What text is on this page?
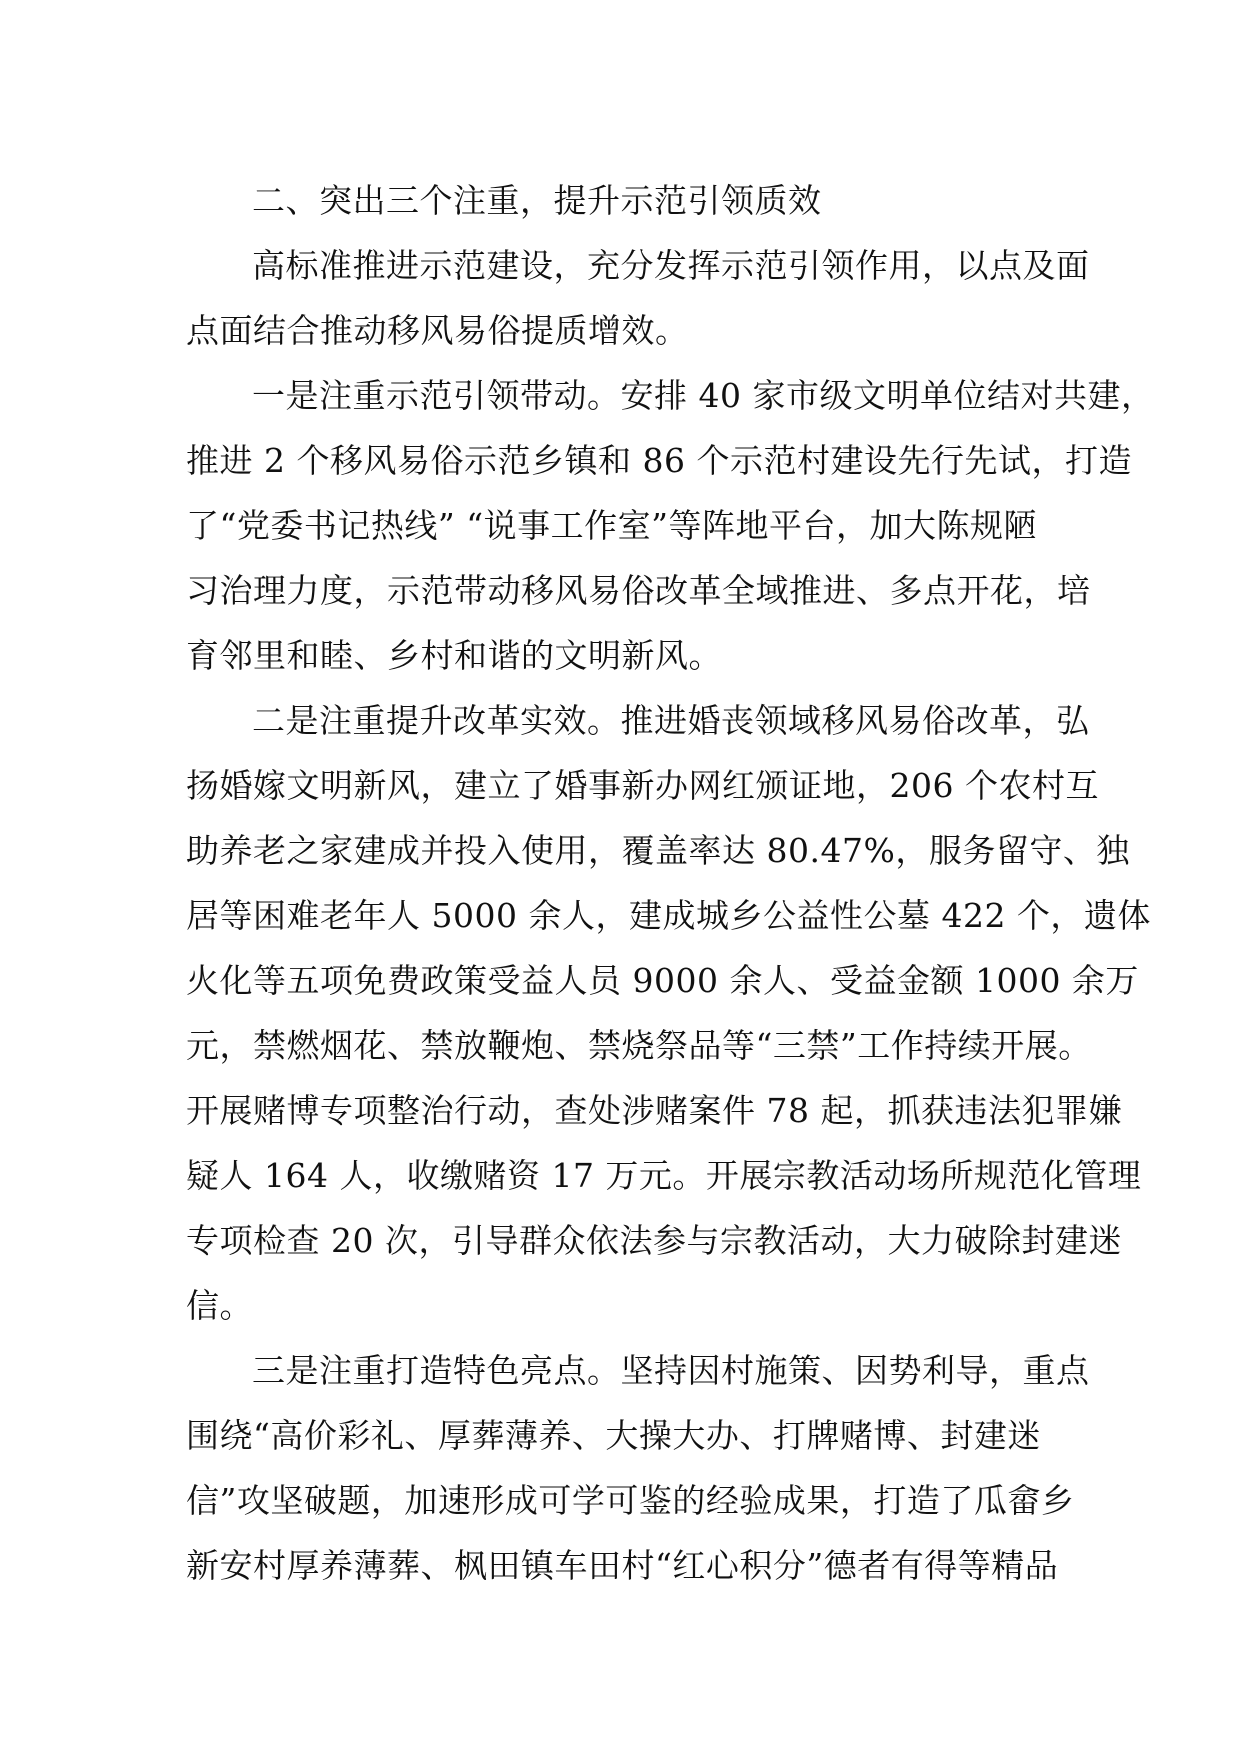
二、突出三个注重，提升示范引领质效
高标准推进示范建设，充分发挥示范引领作用，以点及面
点面结合推动移风易俗提质增效。
一是注重示范引领带动。安排 40 家市级文明单位结对共建，
推进 2 个移风易俗示范乡镇和 86 个示范村建设先行先试，打造
了“党委书记热线” “说事工作室”等阵地平台，加大陈规陋
习治理力度，示范带动移风易俗改革全域推进、多点开花，培
育邻里和睦、乡村和谐的文明新风。
二是注重提升改革实效。推进婚丧领域移风易俗改革，弘
扬婚嫁文明新风，建立了婚事新办网红颁证地，206 个农村互
助养老之家建成并投入使用，覆盖率达 80.47%，服务留守、独
居等困难老年人 5000 余人，建成城乡公益性公墓 422 个，遗体
火化等五项免费政策受益人员 9000 余人、受益金额 1000 余万
元，禁燃烟花、禁放鞭炮、禁烧祭品等“三禁”工作持续开展。
开展赌博专项整治行动，查处涉赌案件 78 起，抓获违法犯罪嫌
疑人 164 人，收缴赌资 17 万元。开展宗教活动场所规范化管理
专项检查 20 次，引导群众依法参与宗教活动，大力破除封建迷
信。
三是注重打造特色亮点。坚持因村施策、因势利导，重点
围绕“高价彩礼、厚葬薄养、大操大办、打牌赌博、封建迷
信”攻坚破题，加速形成可学可鉴的经验成果，打造了瓜畲乡
新安村厚养薄葬、枫田镇车田村“红心积分”德者有得等精品
